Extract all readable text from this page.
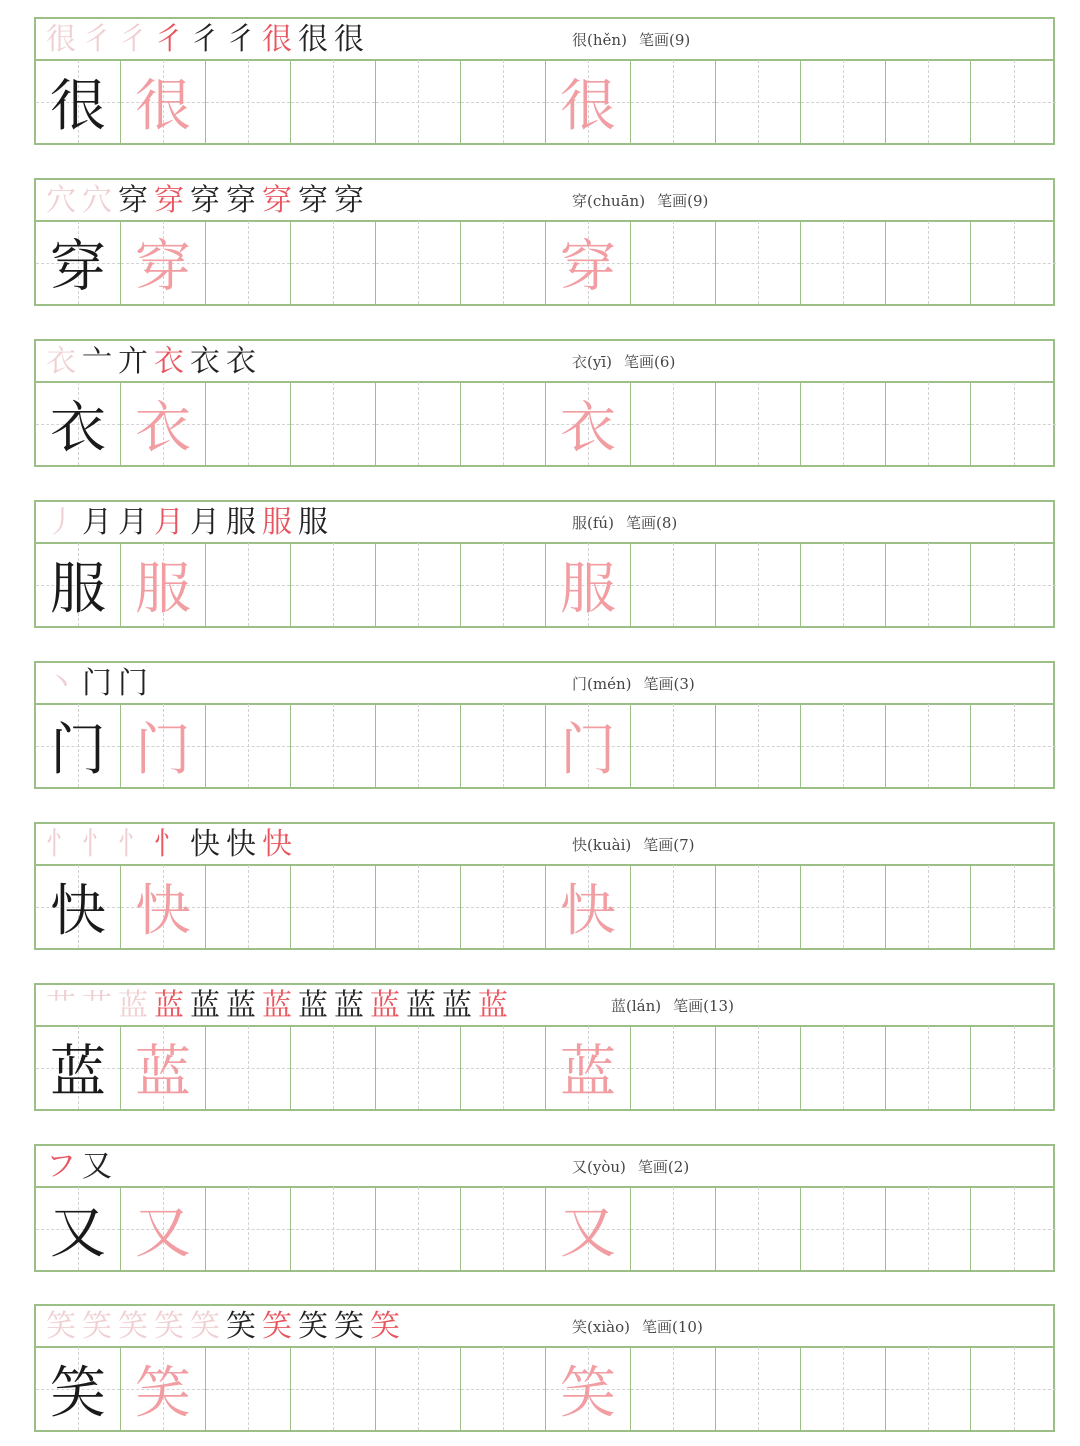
很 彳 彳 彳 彳 彳 很 很 很	很 ( hěn ) 笔画 ( 9 )
很 很	很
穴 穴 穿 穿 穿 穿 穿 穿 穿	穿 ( chuān ) 笔画 ( 9 )
穿 穿	穿
衣 亠 亣 衣 衣 衣	衣 ( yī ) 笔画 ( 6 )
衣 衣	衣
丿 月 月 月 月 服 服 服	服 ( fú ) 笔画 ( 8 )
服 服	服
丶 门 门	门 ( mén ) 笔画 ( 3 )
门 门	门
忄 忄 忄 忄 快 快 快	快 ( kuài ) 笔画 ( 7 )
快 快	快
艹 艹 蓝 蓝 蓝 蓝 蓝 蓝 蓝 蓝 蓝 蓝 蓝	蓝 ( lán ) 笔画 ( 13 )
蓝 蓝	蓝
フ 又	又 ( yòu ) 笔画 ( 2 )
又 又	又
笑 笑 笑 笑 笑 笑 笑 笑 笑 笑	笑 ( xiào ) 笔画 ( 10 )
笑 笑	笑
